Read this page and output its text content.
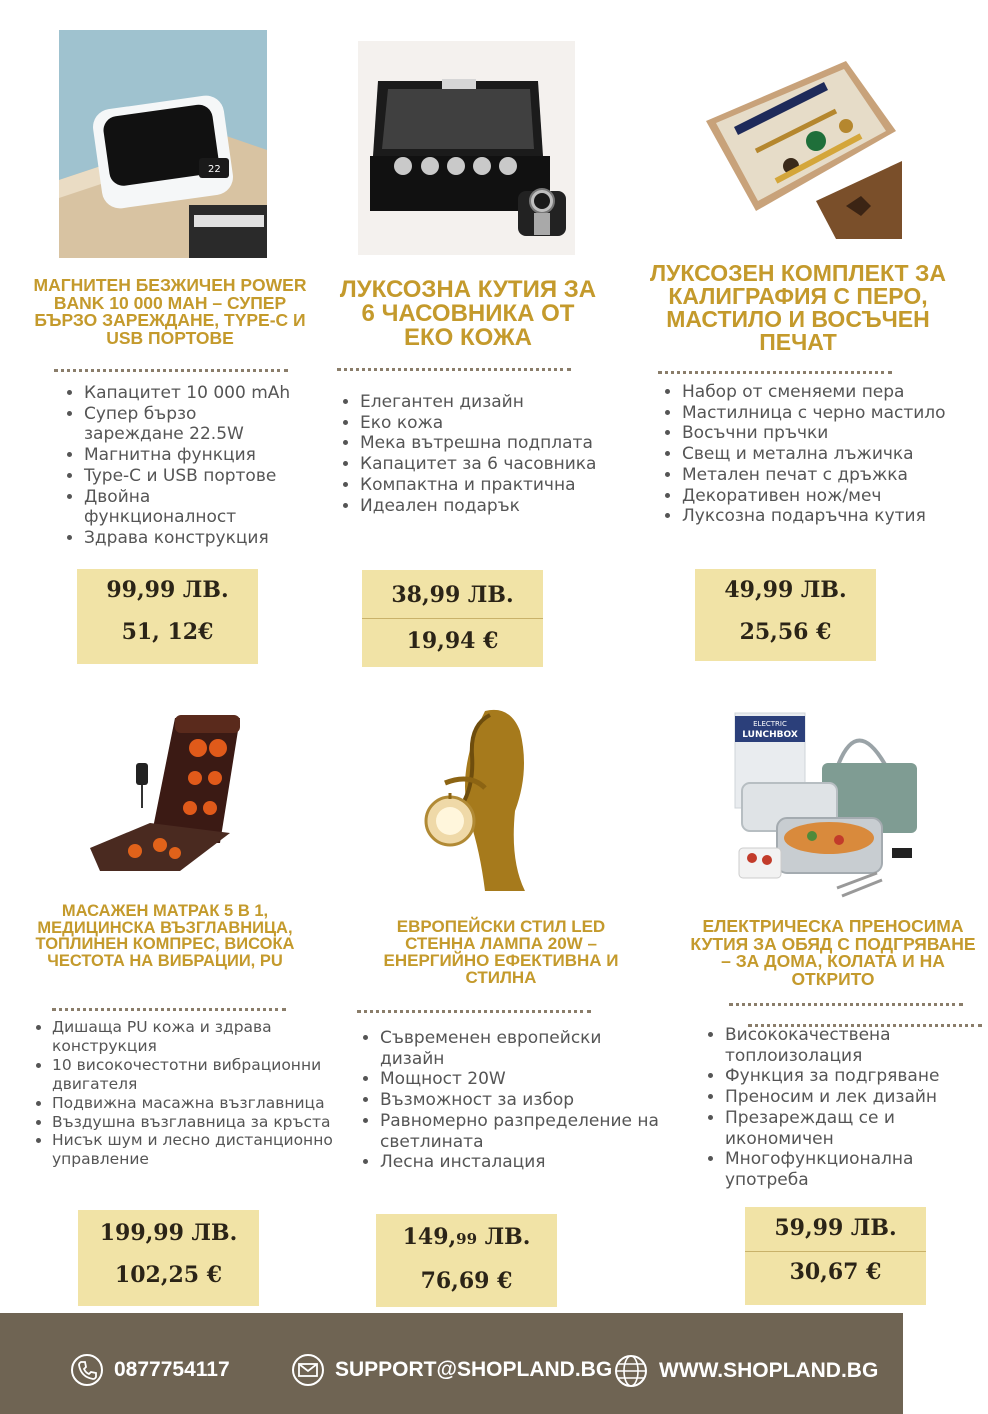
22
МАГНИТЕН БЕЗЖИЧЕН POWER BANK 10 000 MAH – СУПЕР БЪРЗО ЗАРЕЖДАНЕ, TYPE-C И USB ПОРТОВЕ
• Капацитет 10 000 mAh
• Супер бързо зареждане 22.5W
• Магнитна функция
• Type-C и USB портове
• Двойна функционалност
• Здрава конструкция
99,99 ЛВ.
51, 12€
ЛУКСОЗНА КУТИЯ ЗА 6 ЧАСОВНИКА ОТ ЕКО КОЖА
• Елегантен дизайн
• Еко кожа
• Мека вътрешна подплата
• Капацитет за 6 часовника
• Компактна и практична
• Идеален подарък
38,99 ЛВ.
19,94 €
ЛУКСОЗЕН КОМПЛЕКТ ЗА КАЛИГРАФИЯ С ПЕРО, МАСТИЛО И ВОСЪЧЕН ПЕЧАТ
• Набор от сменяеми пера
• Мастилница с черно мастило
• Восъчни пръчки
• Свещ и метална лъжичка
• Метален печат с дръжка
• Декоративен нож/меч
• Луксозна подаръчна кутия
49,99 ЛВ.
25,56 €
МАСАЖЕН МАТРАК 5 В 1, МЕДИЦИНСКА ВЪЗГЛАВНИЦА, ТОПЛИНЕН КОМПРЕС, ВИСОКА ЧЕСТОТА НА ВИБРАЦИИ, PU
• Дишаща PU кожа и здрава конструкция
• 10 високочестотни вибрационни двигателя
• Подвижна масажна възглавница
• Въздушна възглавница за кръста
• Нисък шум и лесно дистанционно управление
199,99 ЛВ.
102,25 €
ЕВРОПЕЙСКИ СТИЛ LED СТЕННА ЛАМПА 20W – ЕНЕРГИЙНО ЕФЕКТИВНА И СТИЛНА
• Съвременен европейски дизайн
• Мощност 20W
• Възможност за избор
• Равномерно разпределение на светлината
• Лесна инсталация
149,99 ЛВ.
76,69 €
ELECTRIC
LUNCHBOX
ЕЛЕКТРИЧЕСКА ПРЕНОСИМА КУТИЯ ЗА ОБЯД С ПОДГРЯВАНЕ – ЗА ДОМА, КОЛАТА И НА ОТКРИТО
• Висококачествена топлоизолация
• Функция за подгряване
• Преносим и лек дизайн
• Презареждащ се и икономичен
• Многофункционална употреба
59,99 ЛВ.
30,67 €
0877754117	SUPPORT@SHOPLAND.BG WWW.SHOPLAND.BG
